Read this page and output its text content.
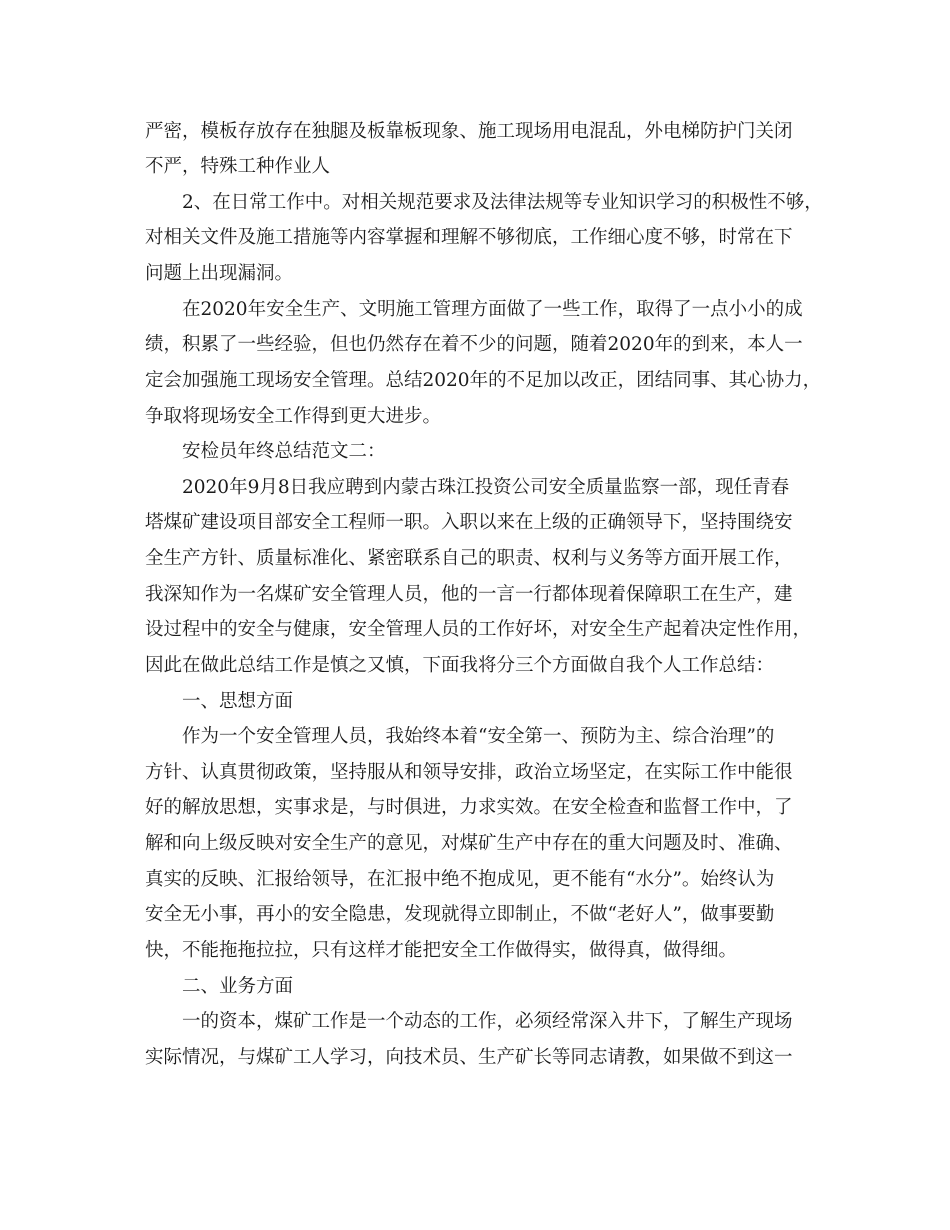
严密，模板存放存在独腿及板靠板现象、施工现场用电混乱，外电梯防护门关闭
不严，特殊工种作业人
2、在日常工作中。对相关规范要求及法律法规等专业知识学习的积极性不够，
对相关文件及施工措施等内容掌握和理解不够彻底，工作细心度不够，时常在下
问题上出现漏洞。
在2020年安全生产、文明施工管理方面做了一些工作，取得了一点小小的成
绩，积累了一些经验，但也仍然存在着不少的问题，随着2020年的到来，本人一
定会加强施工现场安全管理。总结2020年的不足加以改正，团结同事、其心协力，
争取将现场安全工作得到更大进步。
安检员年终总结范文二：
2020年9月8日我应聘到内蒙古珠江投资公司安全质量监察一部，现任青春
塔煤矿建设项目部安全工程师一职。入职以来在上级的正确领导下，坚持围绕安
全生产方针、质量标准化、紧密联系自己的职责、权利与义务等方面开展工作，
我深知作为一名煤矿安全管理人员，他的一言一行都体现着保障职工在生产，建
设过程中的安全与健康，安全管理人员的工作好坏，对安全生产起着决定性作用，
因此在做此总结工作是慎之又慎，下面我将分三个方面做自我个人工作总结：
一、思想方面
作为一个安全管理人员，我始终本着“安全第一、预防为主、综合治理”的
方针、认真贯彻政策，坚持服从和领导安排，政治立场坚定，在实际工作中能很
好的解放思想，实事求是，与时俱进，力求实效。在安全检查和监督工作中，了
解和向上级反映对安全生产的意见，对煤矿生产中存在的重大问题及时、准确、
真实的反映、汇报给领导，在汇报中绝不抱成见，更不能有“水分”。始终认为
安全无小事，再小的安全隐患，发现就得立即制止，不做“老好人”，做事要勤
快，不能拖拖拉拉，只有这样才能把安全工作做得实，做得真，做得细。
二、业务方面
一的资本，煤矿工作是一个动态的工作，必须经常深入井下，了解生产现场
实际情况，与煤矿工人学习，向技术员、生产矿长等同志请教，如果做不到这一
